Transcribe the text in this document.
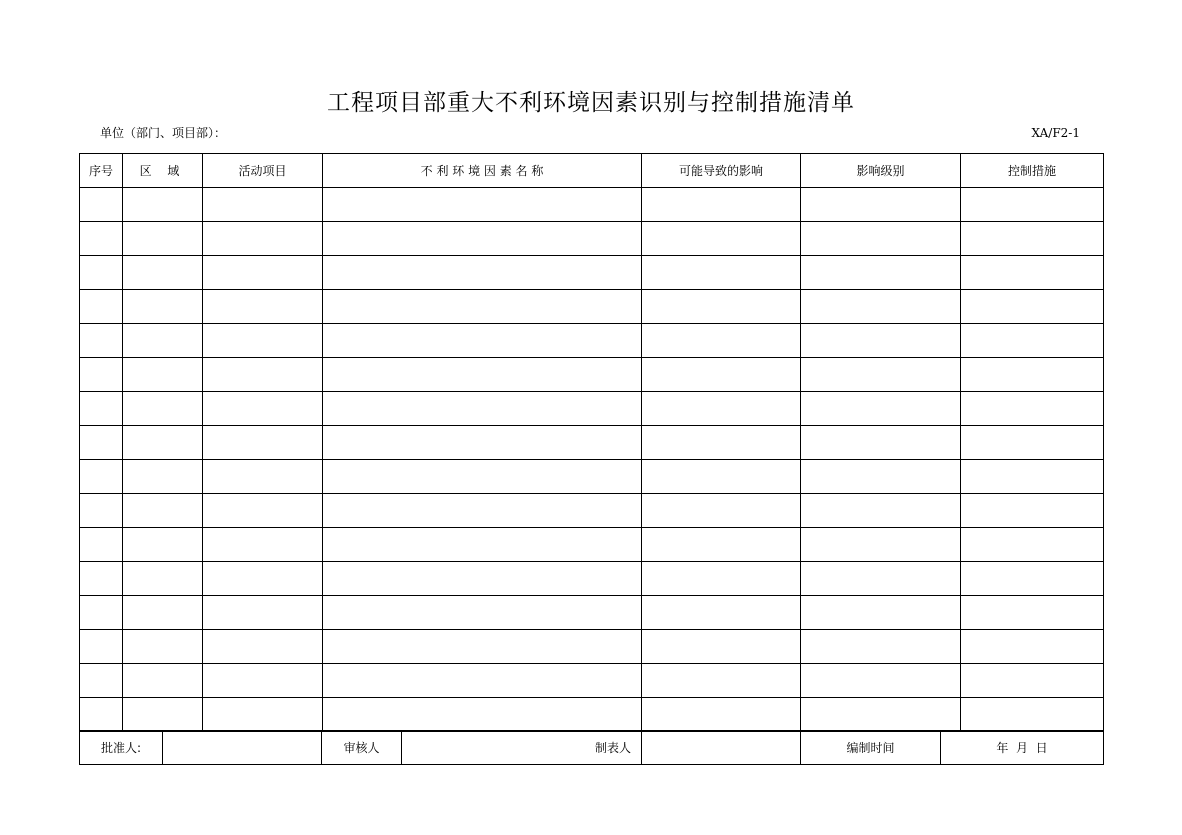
工程项目部重大不利环境因素识别与控制措施清单
单位（部门、项目部）：	XA/F2-1
序号	区 域	活动项目	不 利 环 境 因 素 名 称	可能导致的影响	影响级别	控制措施

批准人:		审核人	制表人		编制时间	年  月  日
